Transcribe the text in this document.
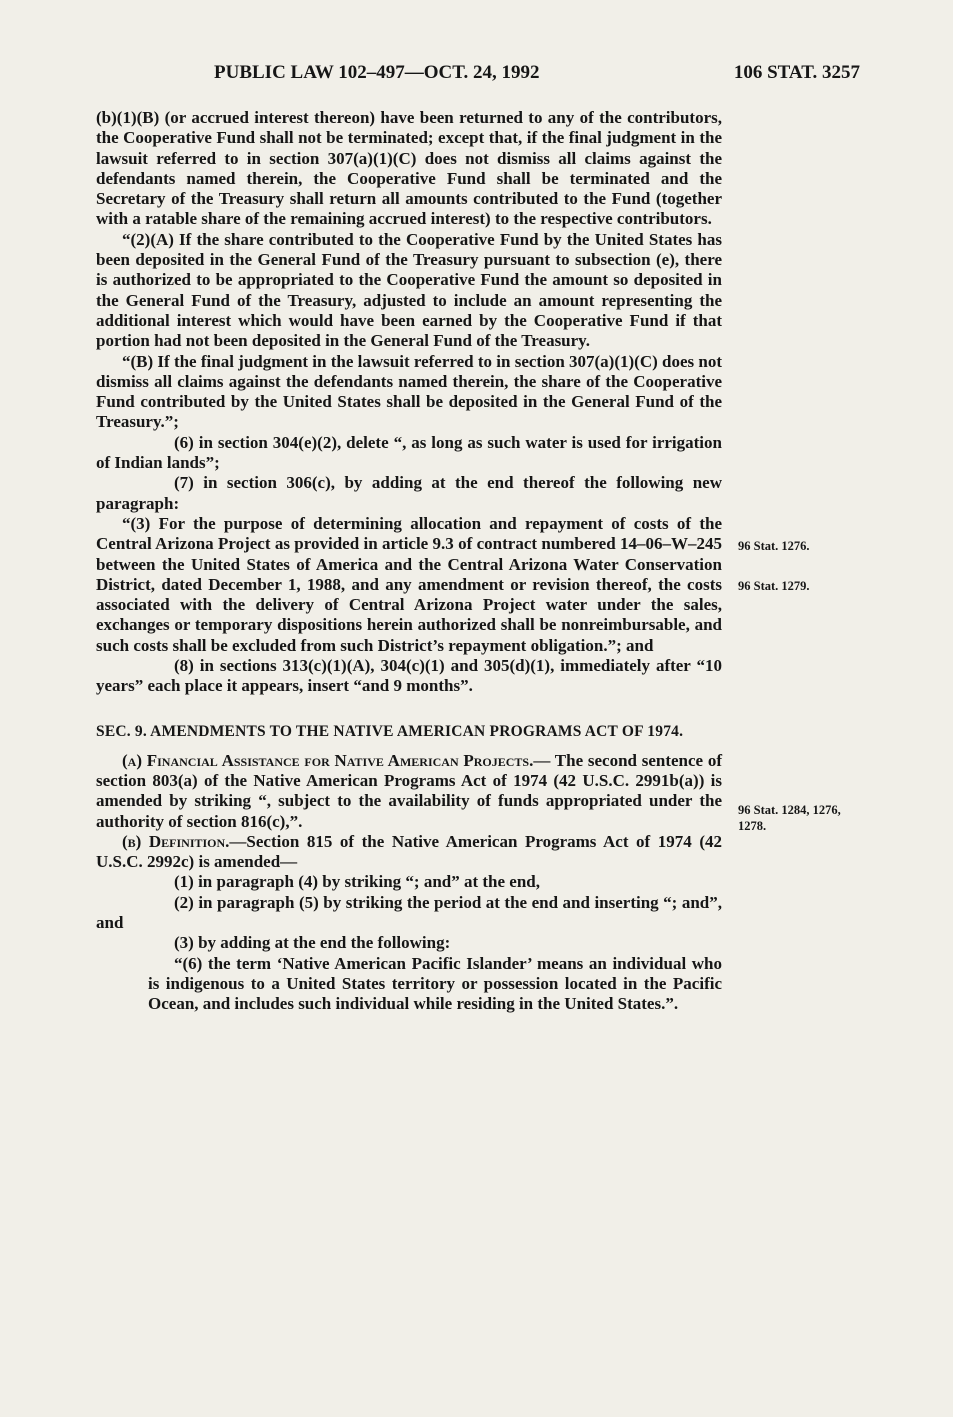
PUBLIC LAW 102–497—OCT. 24, 1992	106 STAT. 3257

(b)(1)(B) (or accrued interest thereon) have been returned to any of the contributors, the Cooperative Fund shall not be terminated; except that, if the final judgment in the lawsuit referred to in section 307(a)(1)(C) does not dismiss all claims against the defendants named therein, the Cooperative Fund shall be terminated and the Secretary of the Treasury shall return all amounts contributed to the Fund (together with a ratable share of the remaining accrued interest) to the respective contributors.

“(2)(A) If the share contributed to the Cooperative Fund by the United States has been deposited in the General Fund of the Treasury pursuant to subsection (e), there is authorized to be appropriated to the Cooperative Fund the amount so deposited in the General Fund of the Treasury, adjusted to include an amount representing the additional interest which would have been earned by the Cooperative Fund if that portion had not been deposited in the General Fund of the Treasury.

“(B) If the final judgment in the lawsuit referred to in section 307(a)(1)(C) does not dismiss all claims against the defendants named therein, the share of the Cooperative Fund contributed by the United States shall be deposited in the General Fund of the Treasury.”;

(6) in section 304(e)(2), delete “, as long as such water is used for irrigation of Indian lands”;

(7) in section 306(c), by adding at the end thereof the following new paragraph:

“(3) For the purpose of determining allocation and repayment of costs of the Central Arizona Project as provided in article 9.3 of contract numbered 14–06–W–245 between the United States of America and the Central Arizona Water Conservation District, dated December 1, 1988, and any amendment or revision thereof, the costs associated with the delivery of Central Arizona Project water under the sales, exchanges or temporary dispositions herein authorized shall be nonreimbursable, and such costs shall be excluded from such District’s repayment obligation.”; and

(8) in sections 313(c)(1)(A), 304(c)(1) and 305(d)(1), immediately after “10 years” each place it appears, insert “and 9 months”.

SEC. 9. AMENDMENTS TO THE NATIVE AMERICAN PROGRAMS ACT OF 1974.

(a) Financial Assistance for Native American Projects.— The second sentence of section 803(a) of the Native American Programs Act of 1974 (42 U.S.C. 2991b(a)) is amended by striking “, subject to the availability of funds appropriated under the authority of section 816(c),”.

(b) Definition.—Section 815 of the Native American Programs Act of 1974 (42 U.S.C. 2992c) is amended—

(1) in paragraph (4) by striking “; and” at the end,

(2) in paragraph (5) by striking the period at the end and inserting “; and”, and

(3) by adding at the end the following:

“(6) the term ‘Native American Pacific Islander’ means an individual who is indigenous to a United States territory or possession located in the Pacific Ocean, and includes such individual while residing in the United States.”.

96 Stat. 1276.
96 Stat. 1279.
96 Stat. 1284, 1276, 1278.
